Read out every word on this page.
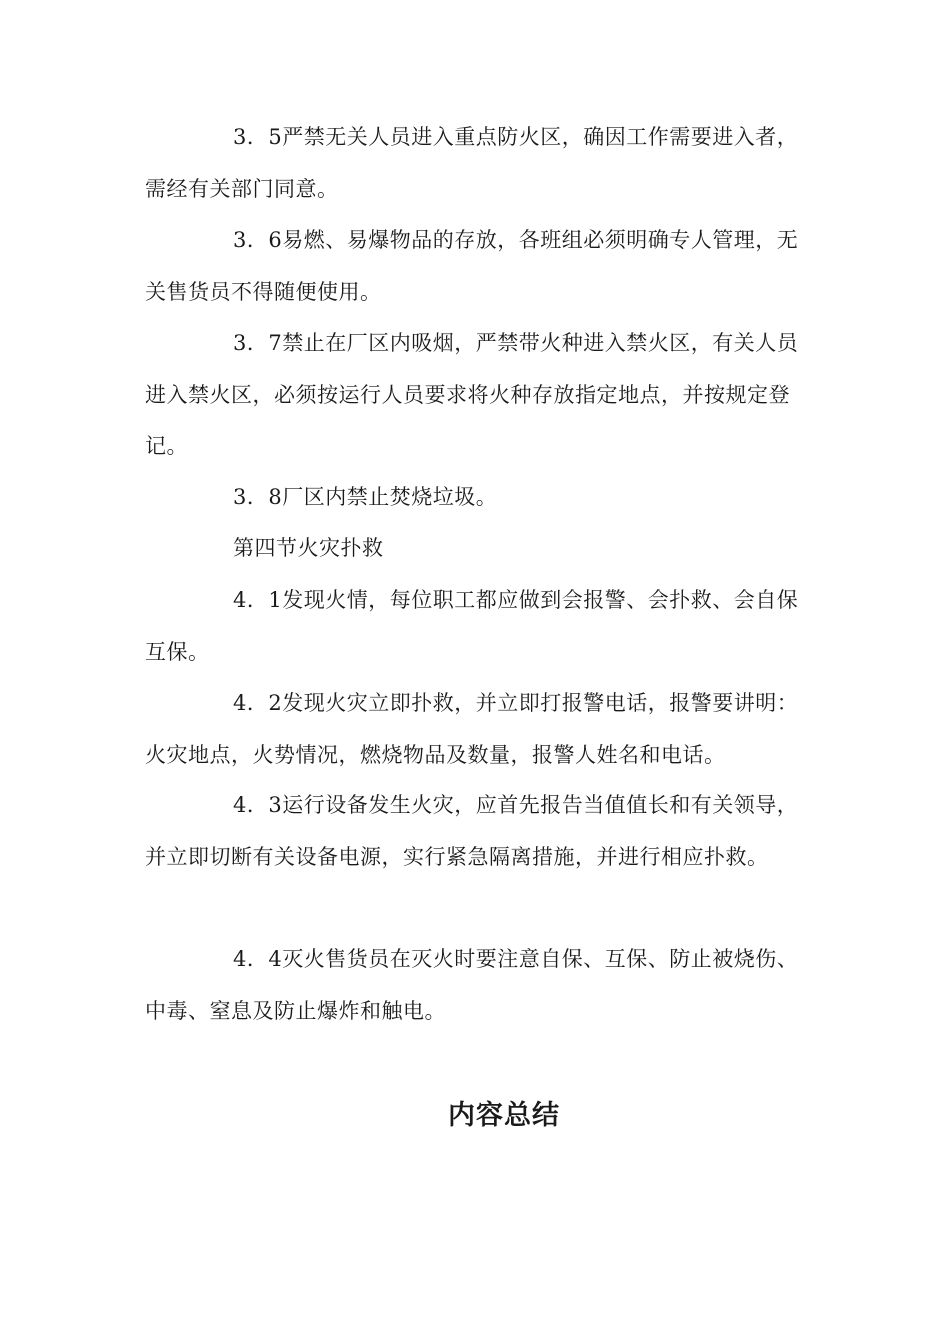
3．5严禁无关人员进入重点防火区，确因工作需要进入者，需经有关部门同意。

3．6易燃、易爆物品的存放，各班组必须明确专人管理，无关售货员不得随便使用。

3．7禁止在厂区内吸烟，严禁带火种进入禁火区，有关人员进入禁火区，必须按运行人员要求将火种存放指定地点，并按规定登记。

3．8厂区内禁止焚烧垃圾。

第四节火灾扑救

4．1发现火情，每位职工都应做到会报警、会扑救、会自保互保。

4．2发现火灾立即扑救，并立即打报警电话，报警要讲明：火灾地点，火势情况，燃烧物品及数量，报警人姓名和电话。

4．3运行设备发生火灾，应首先报告当值值长和有关领导，并立即切断有关设备电源，实行紧急隔离措施，并进行相应扑救。

4．4灭火售货员在灭火时要注意自保、互保、防止被烧伤、中毒、窒息及防止爆炸和触电。

内容总结
